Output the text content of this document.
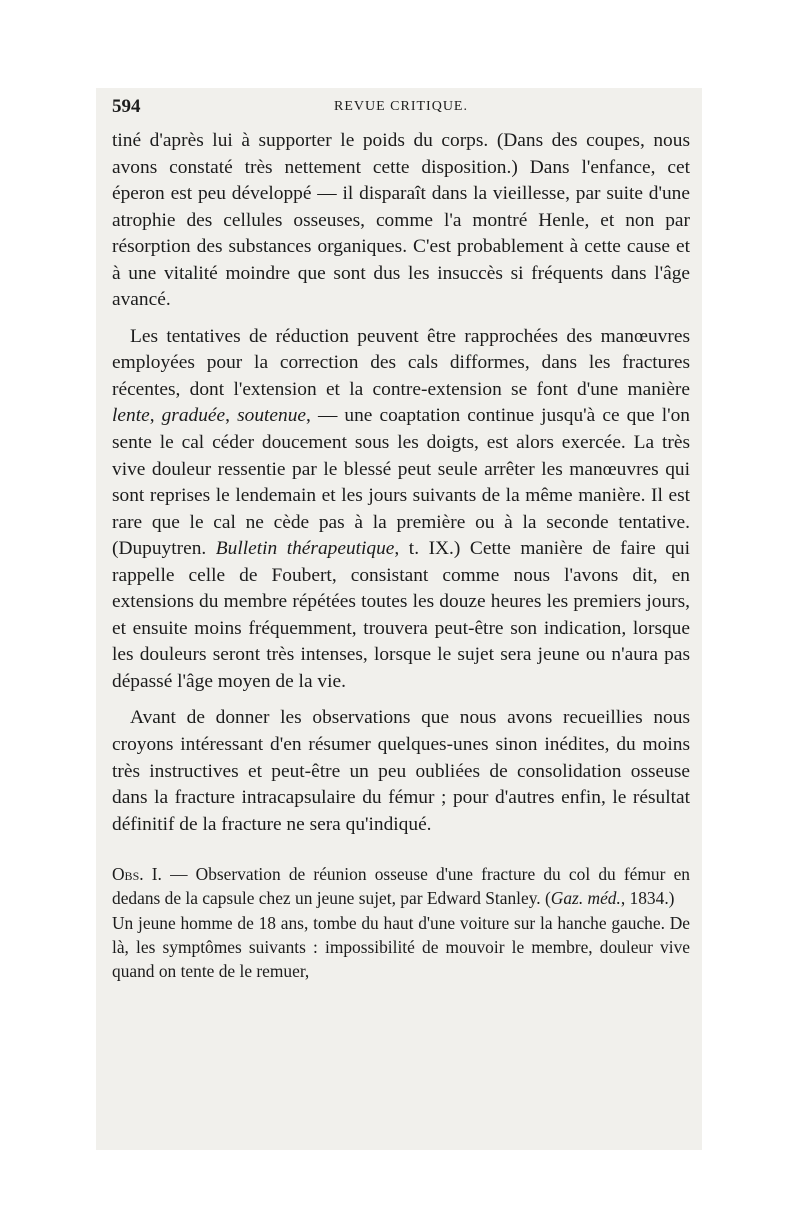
594	REVUE CRITIQUE.

tiné d'après lui à supporter le poids du corps. (Dans des coupes, nous avons constaté très nettement cette disposition.) Dans l'enfance, cet éperon est peu développé — il disparaît dans la vieillesse, par suite d'une atrophie des cellules osseuses, comme l'a montré Henle, et non par résorption des substances organiques. C'est probablement à cette cause et à une vitalité moindre que sont dus les insuccès si fréquents dans l'âge avancé.

Les tentatives de réduction peuvent être rapprochées des manœuvres employées pour la correction des cals difformes, dans les fractures récentes, dont l'extension et la contre-extension se font d'une manière lente, graduée, soutenue, — une coaptation continue jusqu'à ce que l'on sente le cal céder doucement sous les doigts, est alors exercée. La très vive douleur ressentie par le blessé peut seule arrêter les manœuvres qui sont reprises le lendemain et les jours suivants de la même manière. Il est rare que le cal ne cède pas à la première ou à la seconde tentative. (Dupuytren. Bulletin thérapeutique, t. IX.) Cette manière de faire qui rappelle celle de Foubert, consistant comme nous l'avons dit, en extensions du membre répétées toutes les douze heures les premiers jours, et ensuite moins fréquemment, trouvera peut-être son indication, lorsque les douleurs seront très intenses, lorsque le sujet sera jeune ou n'aura pas dépassé l'âge moyen de la vie.

Avant de donner les observations que nous avons recueillies nous croyons intéressant d'en résumer quelques-unes sinon inédites, du moins très instructives et peut-être un peu oubliées de consolidation osseuse dans la fracture intracapsulaire du fémur ; pour d'autres enfin, le résultat définitif de la fracture ne sera qu'indiqué.

Obs. I. — Observation de réunion osseuse d'une fracture du col du fémur en dedans de la capsule chez un jeune sujet, par Edward Stanley. (Gaz. méd., 1834.)

Un jeune homme de 18 ans, tombe du haut d'une voiture sur la hanche gauche. De là, les symptômes suivants : impossibilité de mouvoir le membre, douleur vive quand on tente de le remuer,
